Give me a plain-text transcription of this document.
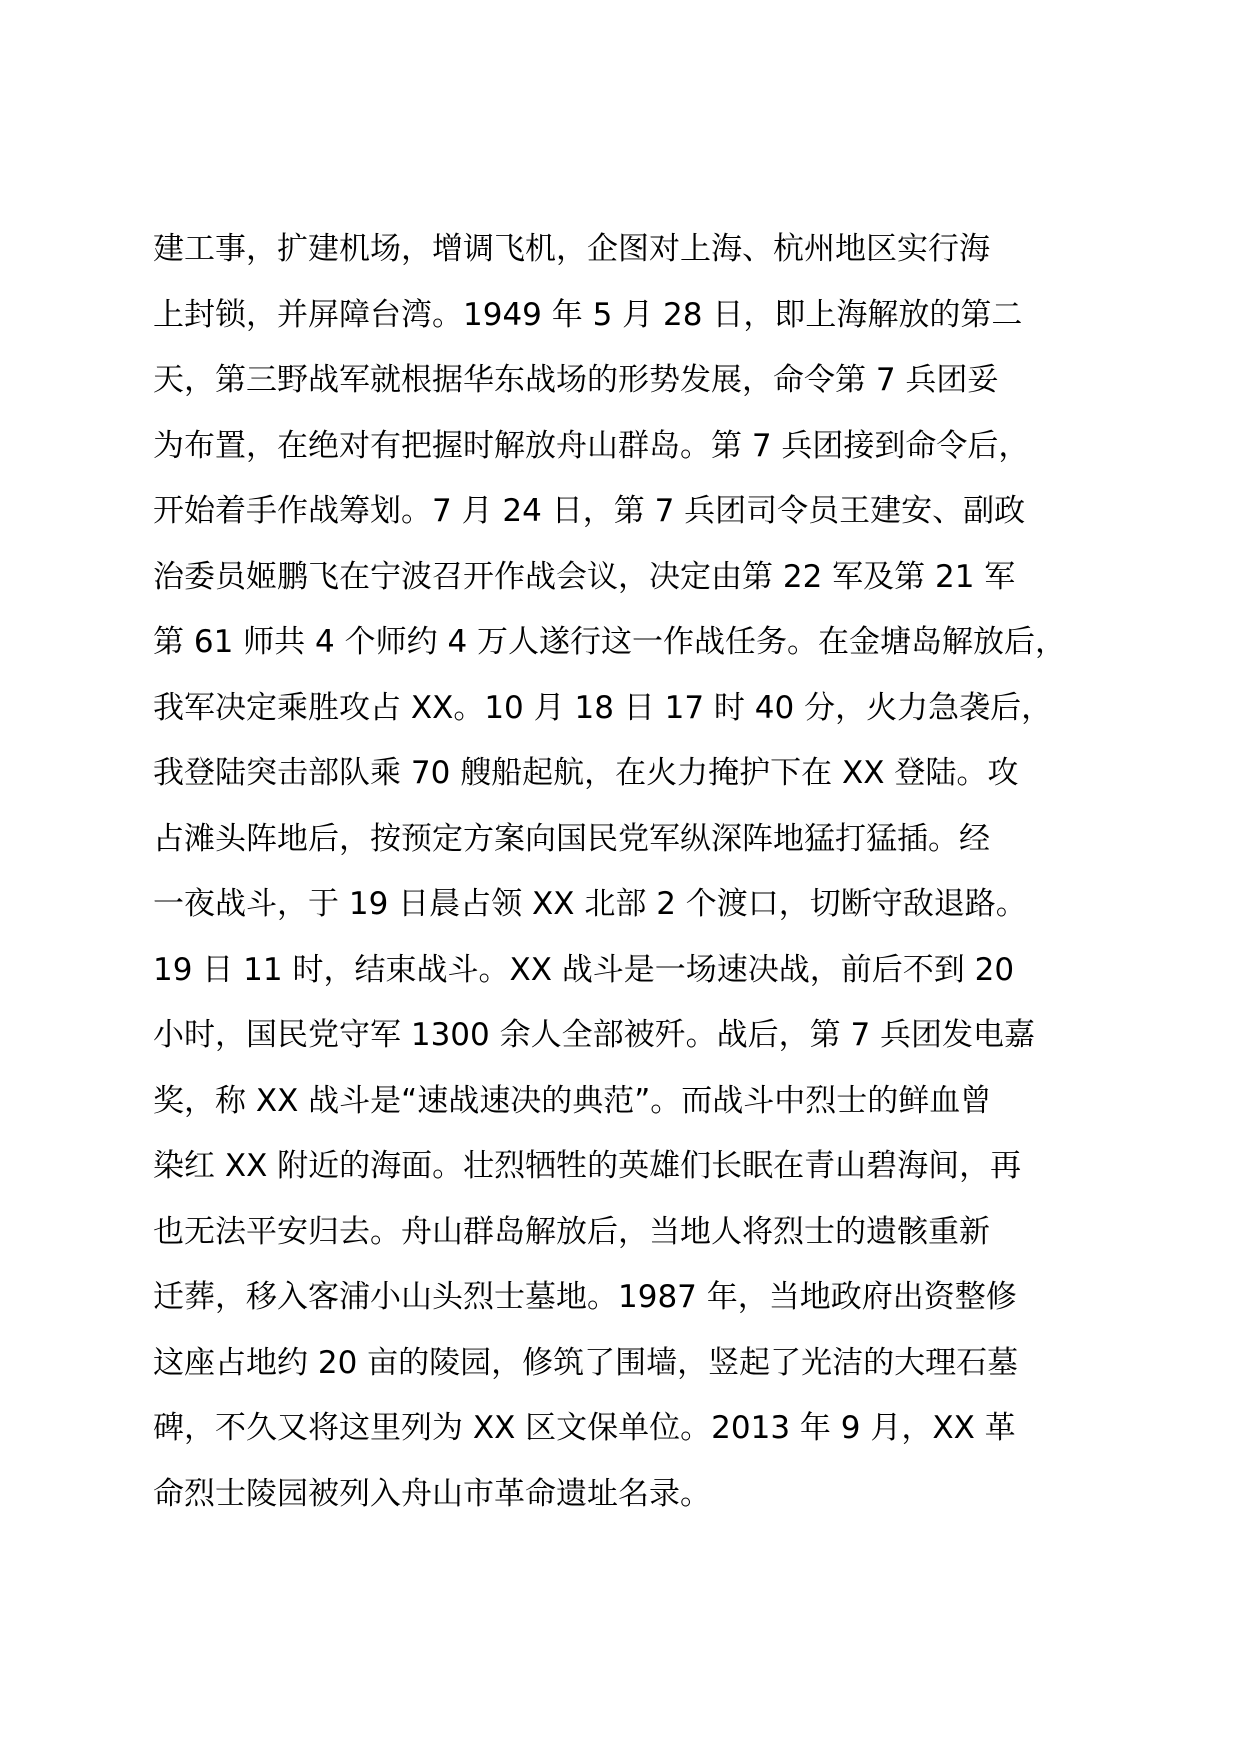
建工事，扩建机场，增调飞机，企图对上海、杭州地区实行海
上封锁，并屏障台湾。1949 年 5 月 28 日，即上海解放的第二
天，第三野战军就根据华东战场的形势发展，命令第 7 兵团妥
为布置，在绝对有把握时解放舟山群岛。第 7 兵团接到命令后，
开始着手作战筹划。7 月 24 日，第 7 兵团司令员王建安、副政
治委员姬鹏飞在宁波召开作战会议，决定由第 22 军及第 21 军
第 61 师共 4 个师约 4 万人遂行这一作战任务。在金塘岛解放后，
我军决定乘胜攻占 XX。10 月 18 日 17 时 40 分，火力急袭后，
我登陆突击部队乘 70 艘船起航，在火力掩护下在 XX 登陆。攻
占滩头阵地后，按预定方案向国民党军纵深阵地猛打猛插。经
一夜战斗，于 19 日晨占领 XX 北部 2 个渡口，切断守敌退路。
19 日 11 时，结束战斗。XX 战斗是一场速决战，前后不到 20
小时，国民党守军 1300 余人全部被歼。战后，第 7 兵团发电嘉
奖，称 XX 战斗是“速战速决的典范”。而战斗中烈士的鲜血曾
染红 XX 附近的海面。壮烈牺牲的英雄们长眠在青山碧海间，再
也无法平安归去。舟山群岛解放后，当地人将烈士的遗骸重新
迁葬，移入客浦小山头烈士墓地。1987 年，当地政府出资整修
这座占地约 20 亩的陵园，修筑了围墙，竖起了光洁的大理石墓
碑，不久又将这里列为 XX 区文保单位。2013 年 9 月，XX 革
命烈士陵园被列入舟山市革命遗址名录。
